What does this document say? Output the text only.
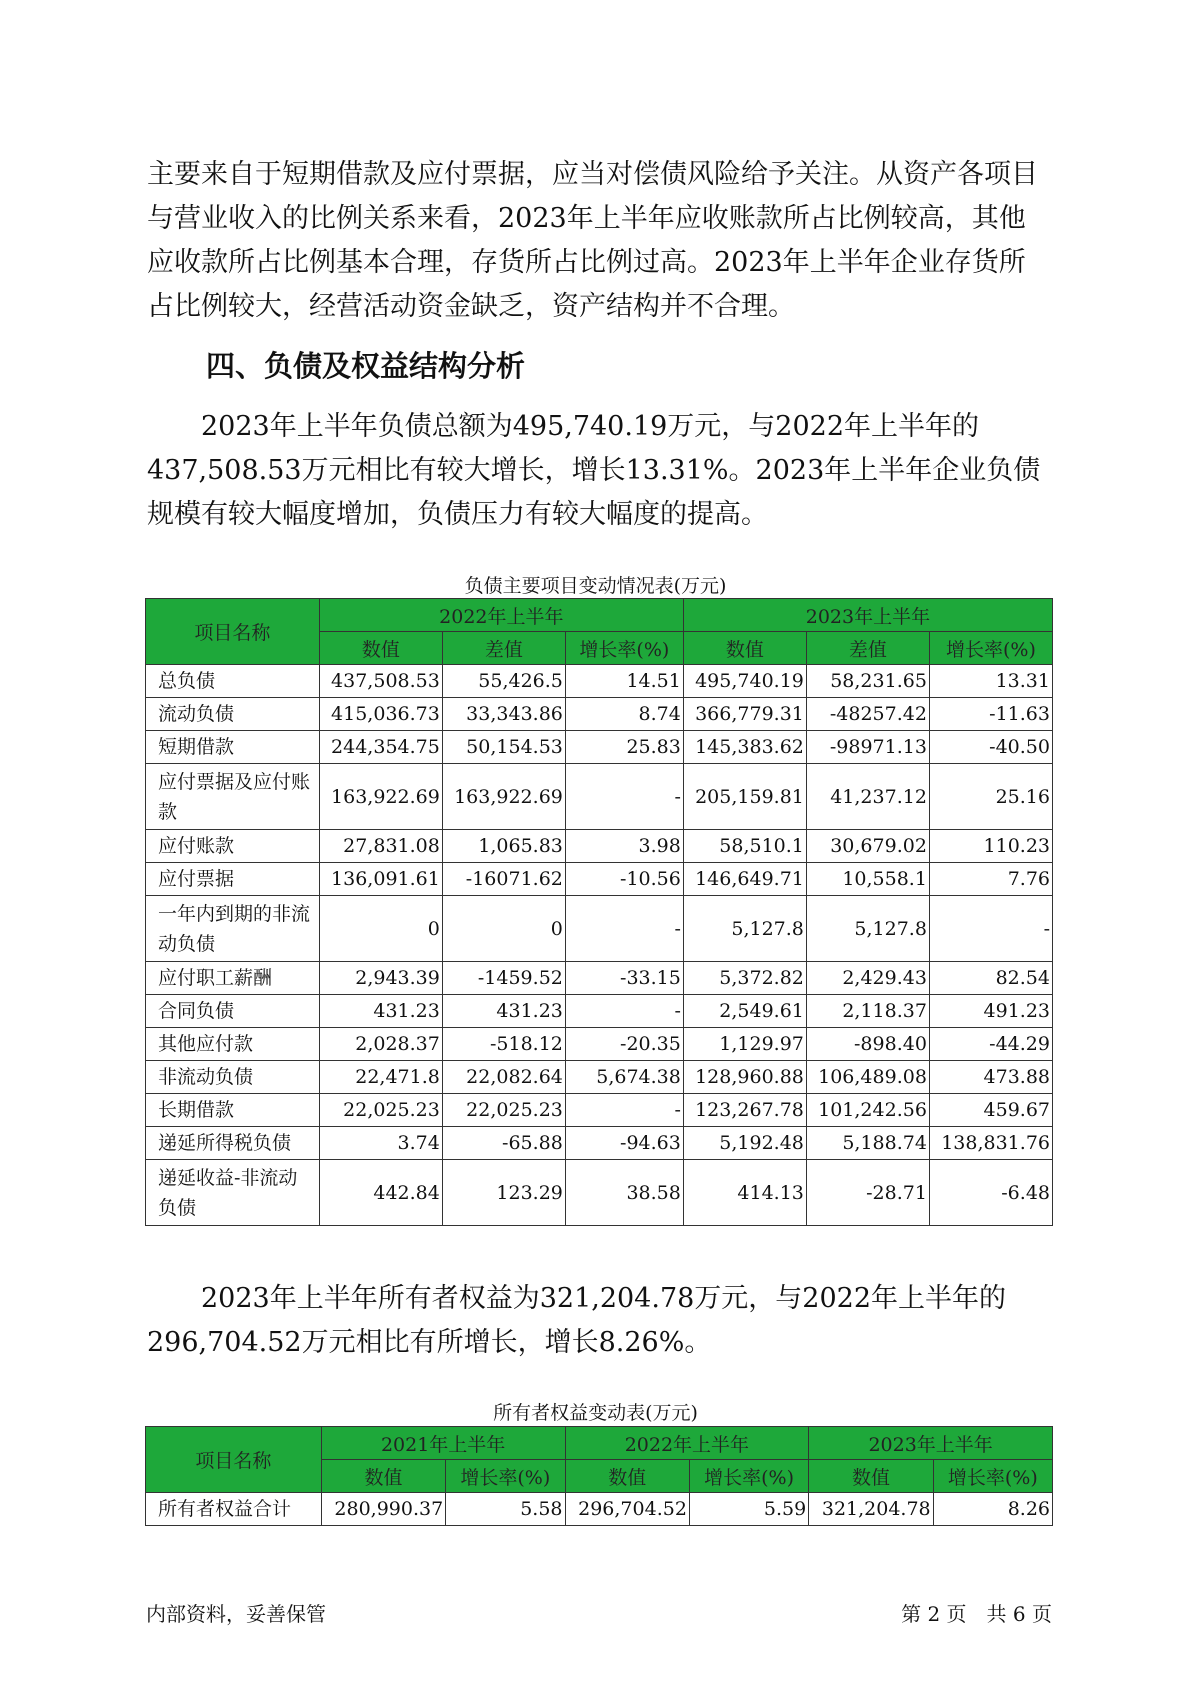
主要来自于短期借款及应付票据，应当对偿债风险给予关注。从资产各项目与营业收入的比例关系来看，2023年上半年应收账款所占比例较高，其他应收款所占比例基本合理，存货所占比例过高。2023年上半年企业存货所占比例较大，经营活动资金缺乏，资产结构并不合理。

四、负债及权益结构分析

2023年上半年负债总额为495,740.19万元，与2022年上半年的437,508.53万元相比有较大增长，增长13.31%。2023年上半年企业负债规模有较大幅度增加，负债压力有较大幅度的提高。

负债主要项目变动情况表(万元)

项目名称	2022年上半年			2023年上半年		
	数值	差值	增长率(%)	数值	差值	增长率(%)
总负债	437,508.53	55,426.5	14.51	495,740.19	58,231.65	13.31
流动负债	415,036.73	33,343.86	8.74	366,779.31	-48257.42	-11.63
短期借款	244,354.75	50,154.53	25.83	145,383.62	-98971.13	-40.50
应付票据及应付账款	163,922.69	163,922.69	-	205,159.81	41,237.12	25.16
应付账款	27,831.08	1,065.83	3.98	58,510.1	30,679.02	110.23
应付票据	136,091.61	-16071.62	-10.56	146,649.71	10,558.1	7.76
一年内到期的非流动负债	0	0	-	5,127.8	5,127.8	-
应付职工薪酬	2,943.39	-1459.52	-33.15	5,372.82	2,429.43	82.54
合同负债	431.23	431.23	-	2,549.61	2,118.37	491.23
其他应付款	2,028.37	-518.12	-20.35	1,129.97	-898.40	-44.29
非流动负债	22,471.8	22,082.64	5,674.38	128,960.88	106,489.08	473.88
长期借款	22,025.23	22,025.23	-	123,267.78	101,242.56	459.67
递延所得税负债	3.74	-65.88	-94.63	5,192.48	5,188.74	138,831.76
递延收益-非流动负债	442.84	123.29	38.58	414.13	-28.71	-6.48

2023年上半年所有者权益为321,204.78万元，与2022年上半年的296,704.52万元相比有所增长，增长8.26%。

所有者权益变动表(万元)

项目名称	2021年上半年		2022年上半年		2023年上半年	
	数值	增长率(%)	数值	增长率(%)	数值	增长率(%)
所有者权益合计	280,990.37	5.58	296,704.52	5.59	321,204.78	8.26

内部资料，妥善保管	第 2 页　共 6 页
